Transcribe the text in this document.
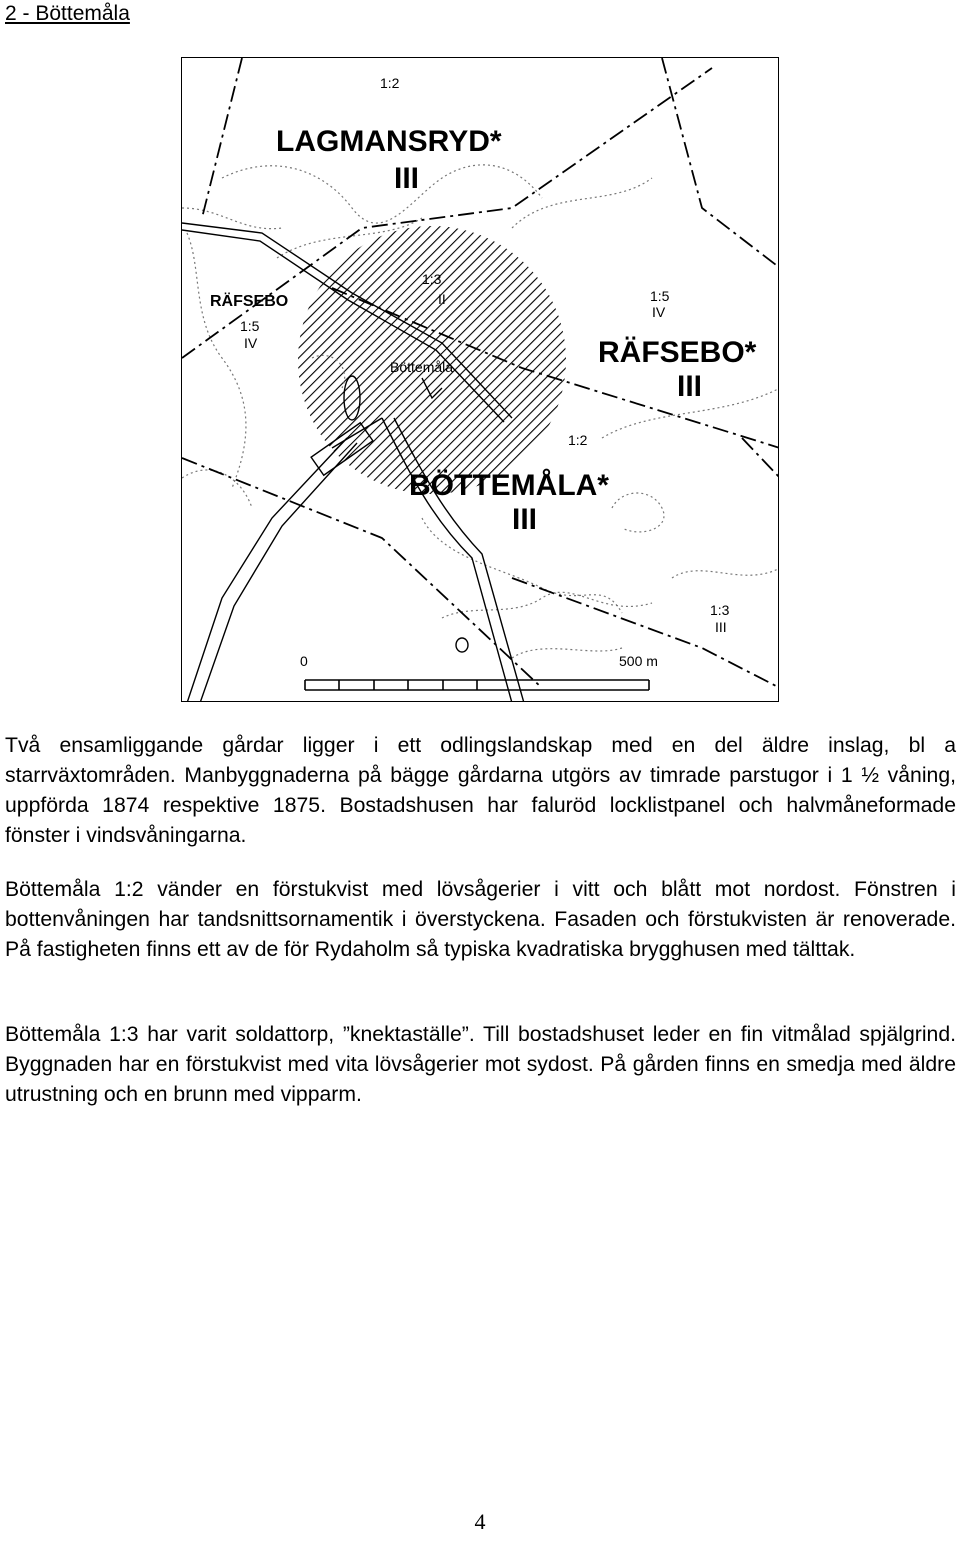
2 - Böttemåla
1:2
LAGMANSRYD*
III
1:3
II
Böttemåla
RÄFSEBO
1:5
IV
1:5
IV
RÄFSEBO*
III
1:2
BÖTTEMÅLA*
III
1:3
III
0	500 m

Två ensamliggande gårdar ligger i ett odlingslandskap med en del äldre inslag, bl a starrväxtområden. Manbyggnaderna på bägge gårdarna utgörs av timrade parstugor i 1 ½ våning, uppförda 1874 respektive 1875. Bostadshusen har faluröd locklistpanel och halvmåneformade fönster i vindsvåningarna.

Böttemåla 1:2 vänder en förstukvist med lövsågerier i vitt och blått mot nordost. Fönstren i bottenvåningen har tandsnittsornamentik i överstyckena. Fasaden och förstukvisten är renoverade. På fastigheten finns ett av de för Rydaholm så typiska kvadratiska brygghusen med tälttak.

Böttemåla 1:3 har varit soldattorp, ”knektaställe”. Till bostadshuset leder en fin vitmålad spjälgrind. Byggnaden har en förstukvist med vita lövsågerier mot sydost. På gården finns en smedja med äldre utrustning och en brunn med vipparm.

4
